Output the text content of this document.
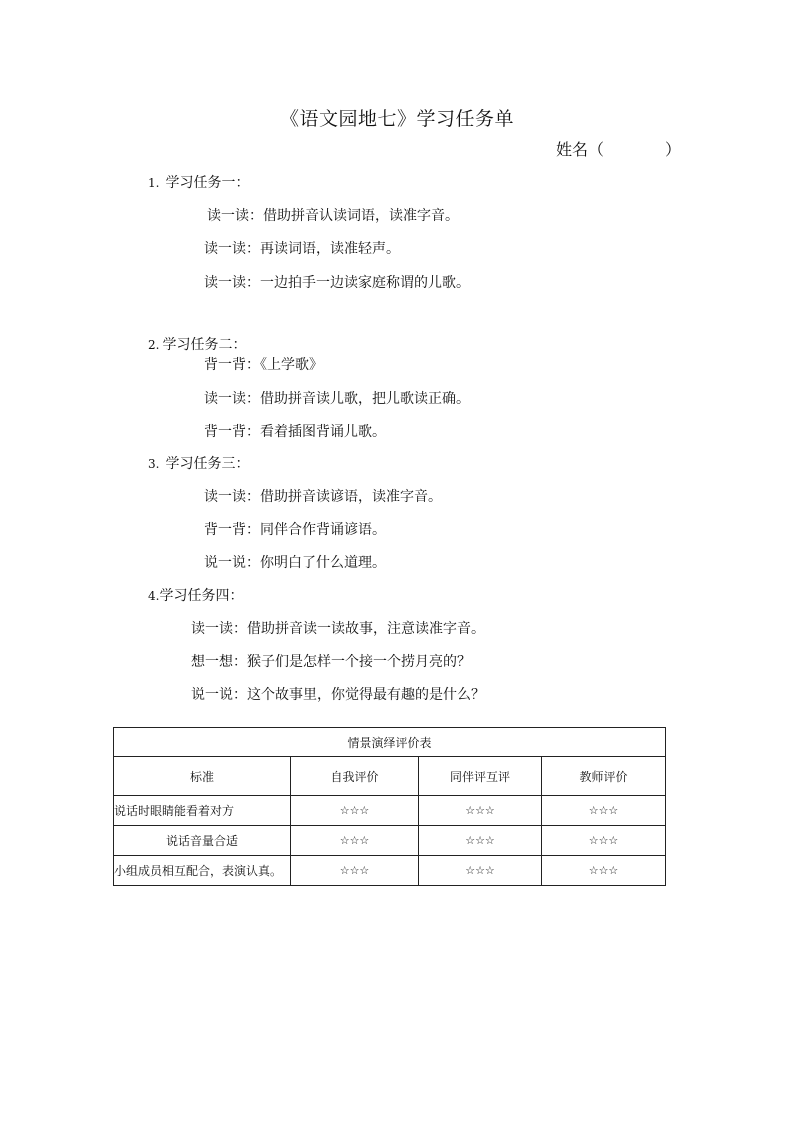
《语文园地七》学习任务单
姓名（            ）
1. 学习任务一：
读一读：借助拼音认读词语，读准字音。
读一读：再读词语，读准轻声。
读一读：一边拍手一边读家庭称谓的儿歌。
2. 学习任务二：
背一背：《上学歌》
读一读：借助拼音读儿歌，把儿歌读正确。
背一背：看着插图背诵儿歌。
3. 学习任务三：
读一读：借助拼音读谚语，读准字音。
背一背：同伴合作背诵谚语。
说一说：你明白了什么道理。
4.学习任务四：
读一读：借助拼音读一读故事，注意读准字音。
想一想：猴子们是怎样一个接一个捞月亮的？
说一说：这个故事里，你觉得最有趣的是什么？
情景演绎评价表			
标准	自我评价	同伴评互评	教师评价
说话时眼睛能看着对方	☆☆☆	☆☆☆	☆☆☆
说话音量合适	☆☆☆	☆☆☆	☆☆☆
小组成员相互配合，表演认真。	☆☆☆	☆☆☆	☆☆☆
